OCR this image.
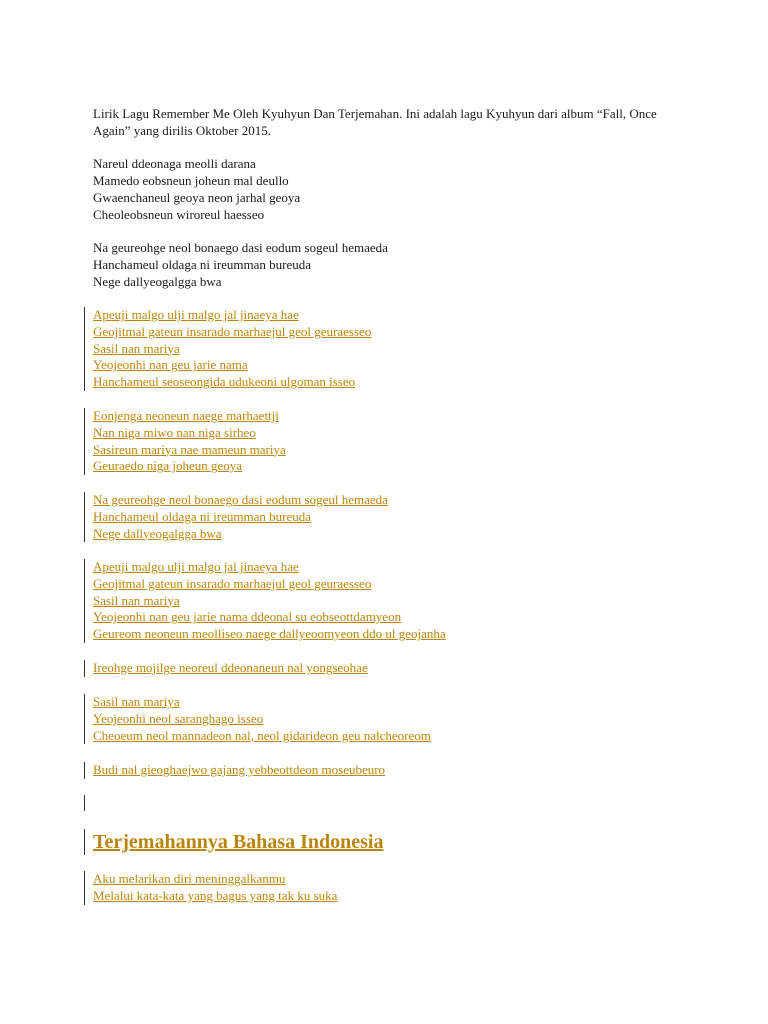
Lirik Lagu Remember Me Oleh Kyuhyun Dan Terjemahan. Ini adalah lagu Kyuhyun dari album “Fall, Once Again” yang dirilis Oktober 2015.
Nareul ddeonaga meolli darana
Mamedo eobsneun joheun mal deullo
Gwaenchaneul geoya neon jarhal geoya
Cheoleobsneun wiroreul haesseo
Na geureohge neol bonaego dasi eodum sogeul hemaeda
Hanchameul oldaga ni ireumman bureuda
Nege dallyeogalgga bwa
Apeuji malgo ulji malgo jal jinaeya hae
Geojitmal gateun insarado marhaejul geol geuraesseo
Sasil nan mariya
Yeojeonhi nan geu jarie nama
Hanchameul seoseongida udukeoni ulgoman isseo
Eonjenga neoneun naege marhaettji
Nan niga miwo nan niga sirheo
Sasireun mariya nae mameun mariya
Geuraedo niga joheun geoya
Na geureohge neol bonaego dasi eodum sogeul hemaeda
Hanchameul oldaga ni ireumman bureuda
Nege dallyeogalgga bwa
Apeuji malgo ulji malgo jal jinaeya hae
Geojitmal gateun insarado marhaejul geol geuraesseo
Sasil nan mariya
Yeojeonhi nan geu jarie nama ddeonal su eobseottdamyeon
Geureom neoneun meolliseo naege dallyeoomyeon ddo ul geojanha
Ireohge mojilge neoreul ddeonaneun nal yongseohae
Sasil nan mariya
Yeojeonhi neol saranghago isseo
Cheoeum neol mannadeon nal, neol gidarideon geu nalcheoreom
Budi nal gieoghaejwo gajang yebbeottdeon moseubeuro
Terjemahannya Bahasa Indonesia
Aku melarikan diri meninggalkanmu
Melalui kata-kata yang bagus yang tak ku suka
